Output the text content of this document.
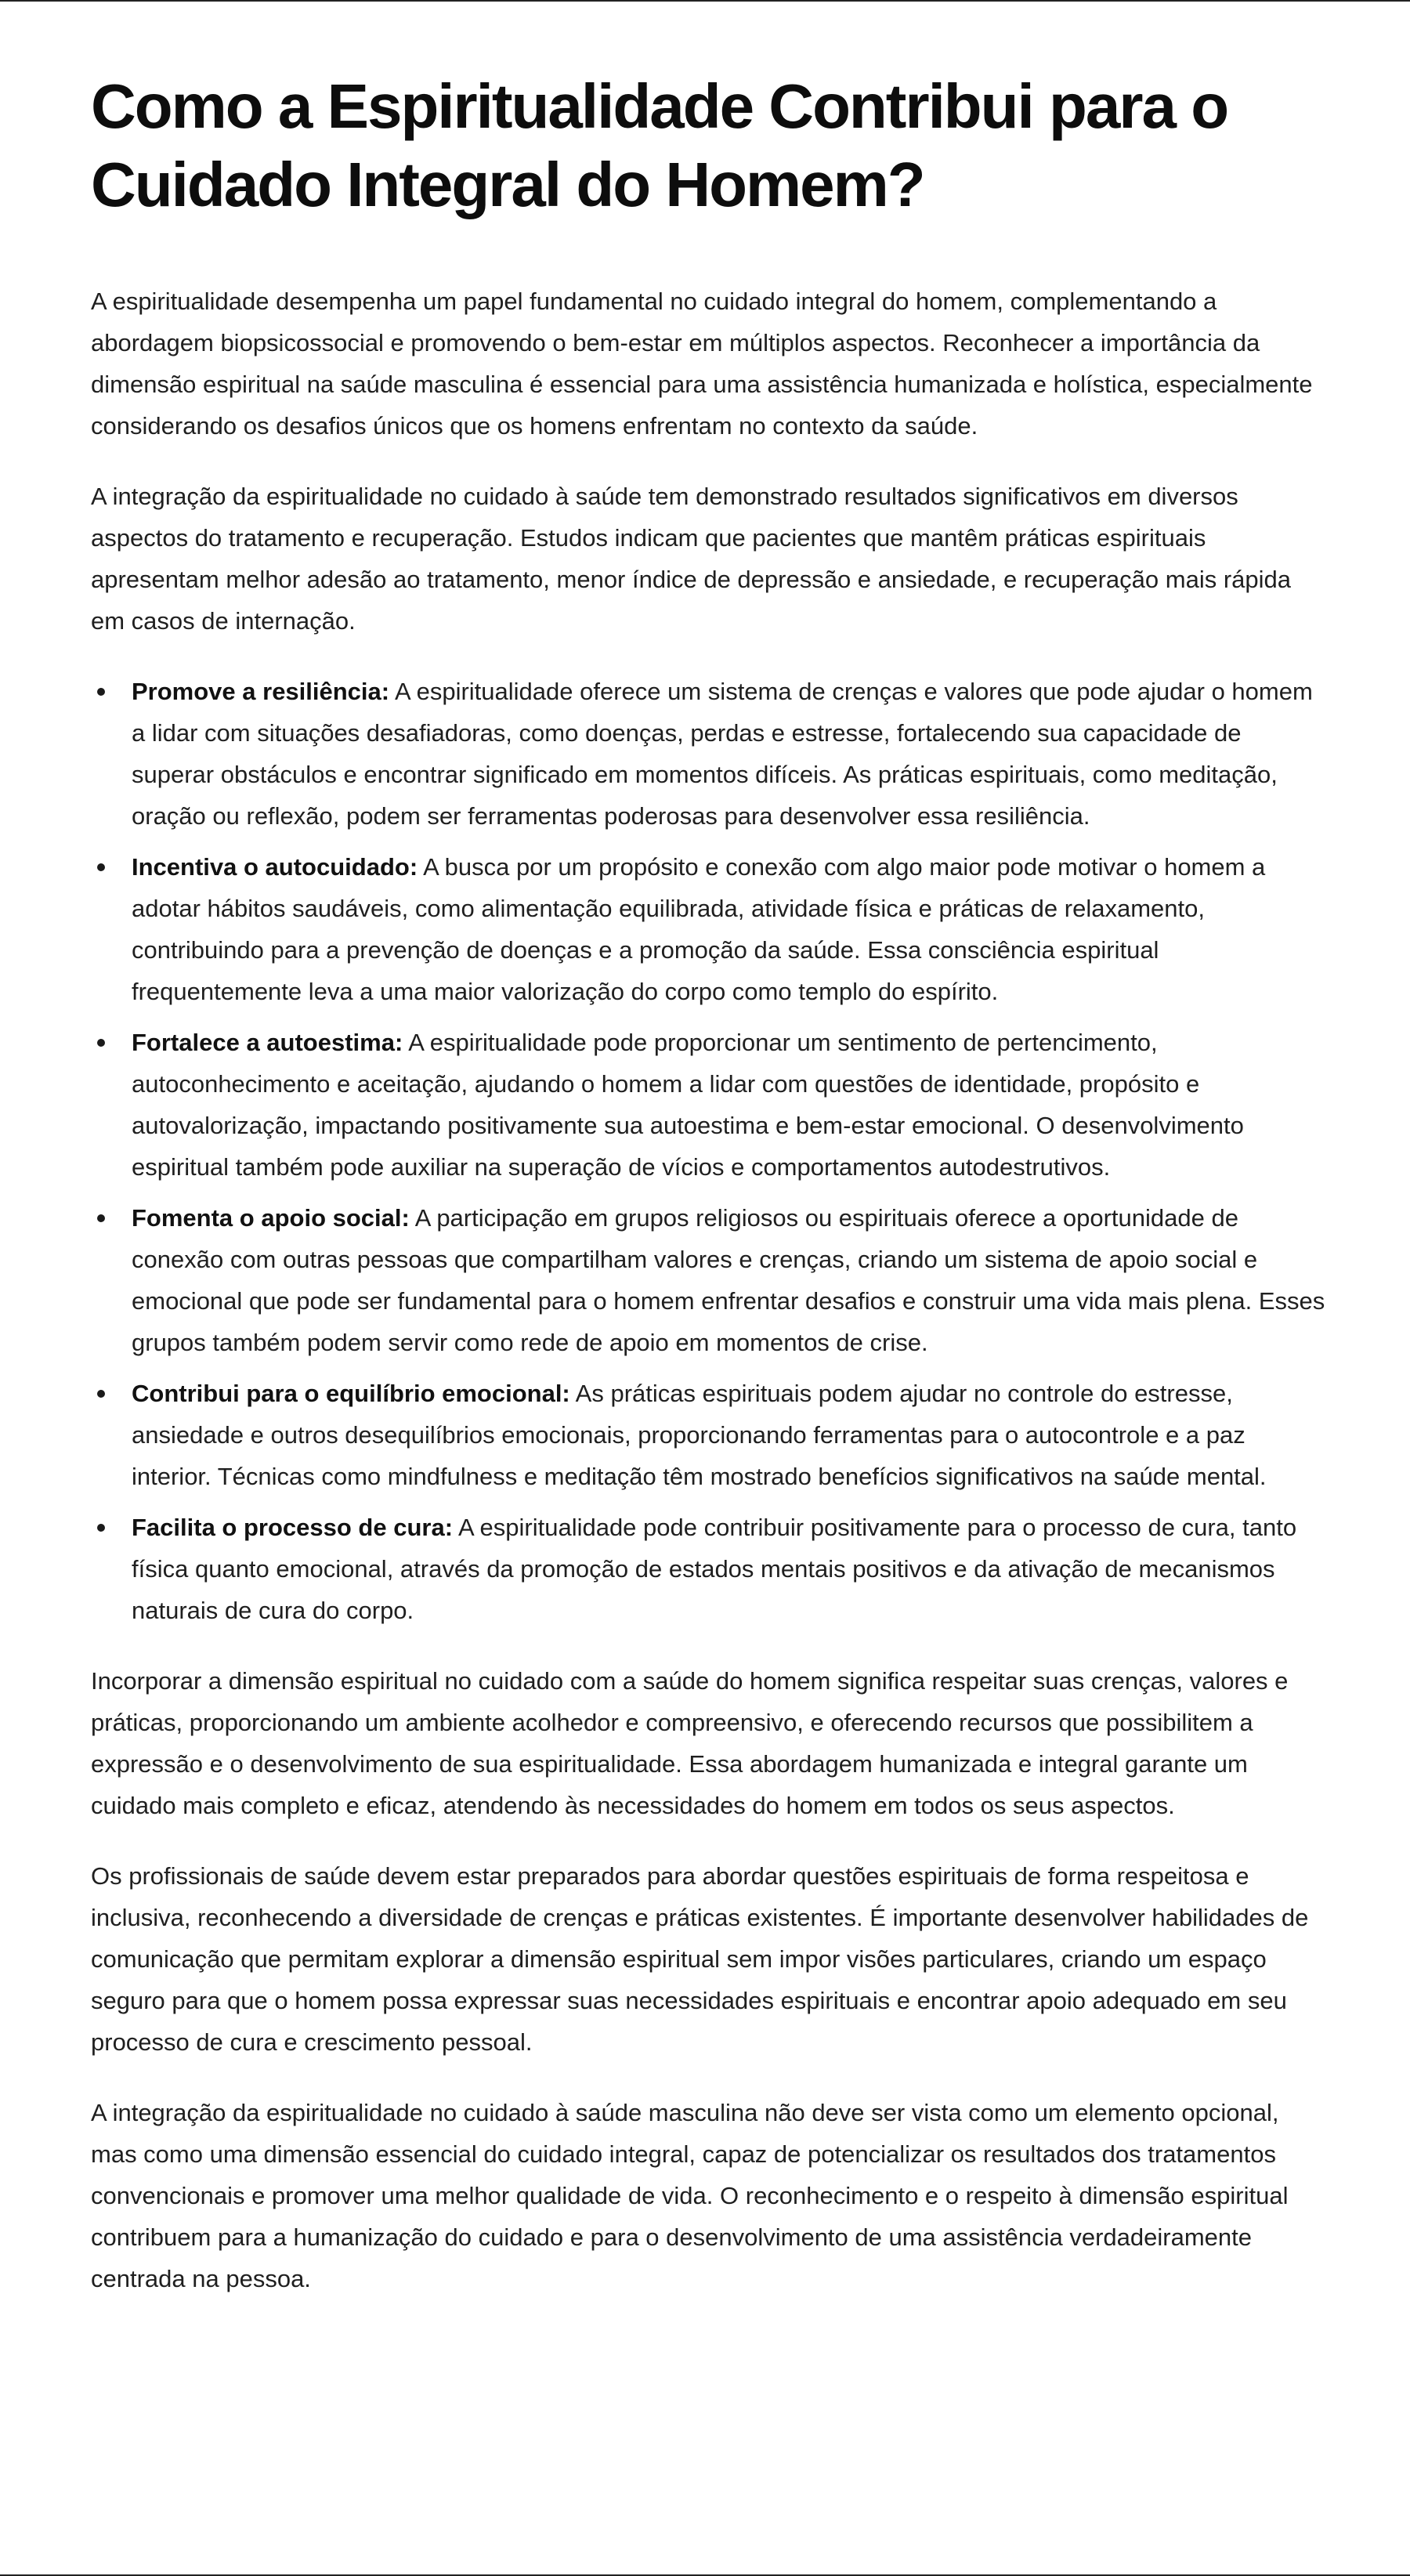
Como a Espiritualidade Contribui para o Cuidado Integral do Homem?

A espiritualidade desempenha um papel fundamental no cuidado integral do homem, complementando a abordagem biopsicossocial e promovendo o bem-estar em múltiplos aspectos. Reconhecer a importância da dimensão espiritual na saúde masculina é essencial para uma assistência humanizada e holística, especialmente considerando os desafios únicos que os homens enfrentam no contexto da saúde.

A integração da espiritualidade no cuidado à saúde tem demonstrado resultados significativos em diversos aspectos do tratamento e recuperação. Estudos indicam que pacientes que mantêm práticas espirituais apresentam melhor adesão ao tratamento, menor índice de depressão e ansiedade, e recuperação mais rápida em casos de internação.

Promove a resiliência: A espiritualidade oferece um sistema de crenças e valores que pode ajudar o homem a lidar com situações desafiadoras, como doenças, perdas e estresse, fortalecendo sua capacidade de superar obstáculos e encontrar significado em momentos difíceis. As práticas espirituais, como meditação, oração ou reflexão, podem ser ferramentas poderosas para desenvolver essa resiliência.
Incentiva o autocuidado: A busca por um propósito e conexão com algo maior pode motivar o homem a adotar hábitos saudáveis, como alimentação equilibrada, atividade física e práticas de relaxamento, contribuindo para a prevenção de doenças e a promoção da saúde. Essa consciência espiritual frequentemente leva a uma maior valorização do corpo como templo do espírito.
Fortalece a autoestima: A espiritualidade pode proporcionar um sentimento de pertencimento, autoconhecimento e aceitação, ajudando o homem a lidar com questões de identidade, propósito e autovalorização, impactando positivamente sua autoestima e bem-estar emocional. O desenvolvimento espiritual também pode auxiliar na superação de vícios e comportamentos autodestrutivos.
Fomenta o apoio social: A participação em grupos religiosos ou espirituais oferece a oportunidade de conexão com outras pessoas que compartilham valores e crenças, criando um sistema de apoio social e emocional que pode ser fundamental para o homem enfrentar desafios e construir uma vida mais plena. Esses grupos também podem servir como rede de apoio em momentos de crise.
Contribui para o equilíbrio emocional: As práticas espirituais podem ajudar no controle do estresse, ansiedade e outros desequilíbrios emocionais, proporcionando ferramentas para o autocontrole e a paz interior. Técnicas como mindfulness e meditação têm mostrado benefícios significativos na saúde mental.
Facilita o processo de cura: A espiritualidade pode contribuir positivamente para o processo de cura, tanto física quanto emocional, através da promoção de estados mentais positivos e da ativação de mecanismos naturais de cura do corpo.

Incorporar a dimensão espiritual no cuidado com a saúde do homem significa respeitar suas crenças, valores e práticas, proporcionando um ambiente acolhedor e compreensivo, e oferecendo recursos que possibilitem a expressão e o desenvolvimento de sua espiritualidade. Essa abordagem humanizada e integral garante um cuidado mais completo e eficaz, atendendo às necessidades do homem em todos os seus aspectos.

Os profissionais de saúde devem estar preparados para abordar questões espirituais de forma respeitosa e inclusiva, reconhecendo a diversidade de crenças e práticas existentes. É importante desenvolver habilidades de comunicação que permitam explorar a dimensão espiritual sem impor visões particulares, criando um espaço seguro para que o homem possa expressar suas necessidades espirituais e encontrar apoio adequado em seu processo de cura e crescimento pessoal.

A integração da espiritualidade no cuidado à saúde masculina não deve ser vista como um elemento opcional, mas como uma dimensão essencial do cuidado integral, capaz de potencializar os resultados dos tratamentos convencionais e promover uma melhor qualidade de vida. O reconhecimento e o respeito à dimensão espiritual contribuem para a humanização do cuidado e para o desenvolvimento de uma assistência verdadeiramente centrada na pessoa.
